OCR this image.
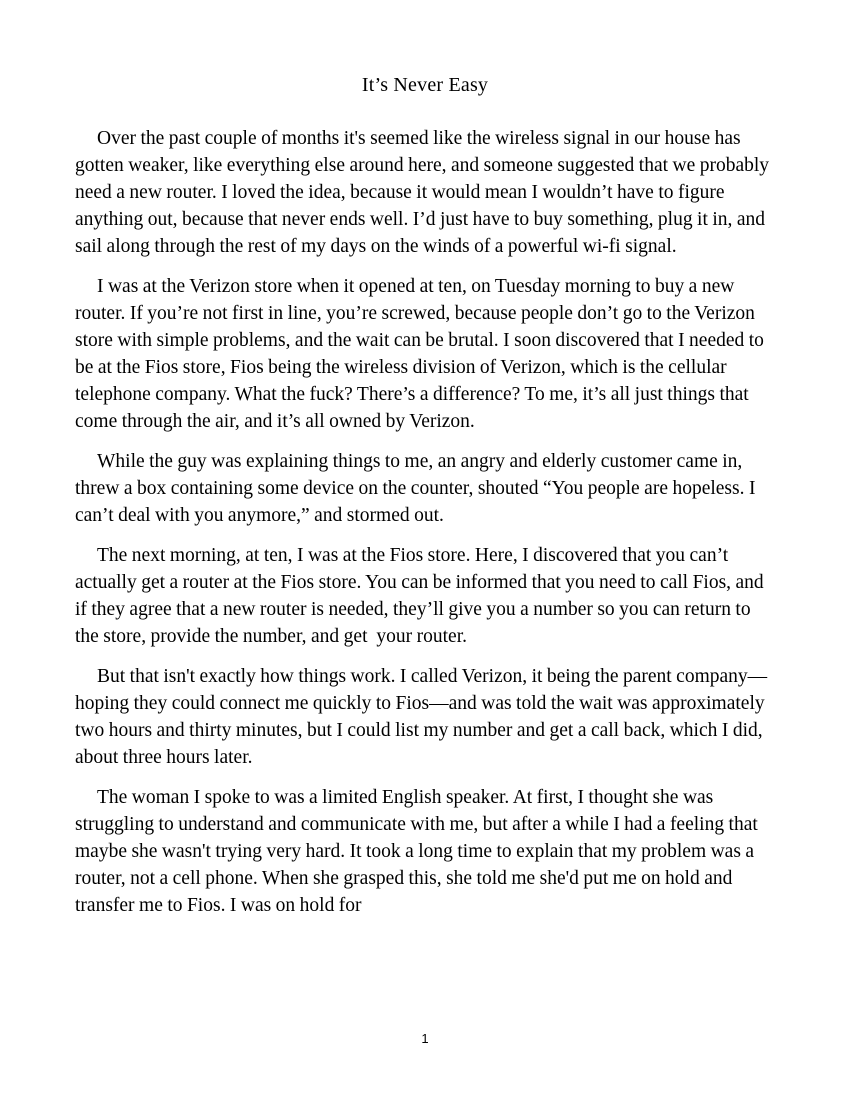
It’s Never Easy

Over the past couple of months it's seemed like the wireless signal in our house has gotten weaker, like everything else around here, and someone suggested that we probably need a new router. I loved the idea, because it would mean I wouldn’t have to figure anything out, because that never ends well. I’d just have to buy something, plug it in, and sail along through the rest of my days on the winds of a powerful wi-fi signal.

I was at the Verizon store when it opened at ten, on Tuesday morning to buy a new router. If you’re not first in line, you’re screwed, because people don’t go to the Verizon store with simple problems, and the wait can be brutal. I soon discovered that I needed to be at the Fios store, Fios being the wireless division of Verizon, which is the cellular telephone company. What the fuck? There’s a difference? To me, it’s all just things that come through the air, and it’s all owned by Verizon.

While the guy was explaining things to me, an angry and elderly customer came in, threw a box containing some device on the counter, shouted “You people are hopeless. I can’t deal with you anymore,” and stormed out.

The next morning, at ten, I was at the Fios store. Here, I discovered that you can’t actually get a router at the Fios store. You can be informed that you need to call Fios, and if they agree that a new router is needed, they’ll give you a number so you can return to the store, provide the number, and get  your router.

But that isn't exactly how things work. I called Verizon, it being the parent company—hoping they could connect me quickly to Fios—and was told the wait was approximately two hours and thirty minutes, but I could list my number and get a call back, which I did, about three hours later.

The woman I spoke to was a limited English speaker. At first, I thought she was struggling to understand and communicate with me, but after a while I had a feeling that maybe she wasn't trying very hard. It took a long time to explain that my problem was a router, not a cell phone. When she grasped this, she told me she'd put me on hold and transfer me to Fios. I was on hold for

1
